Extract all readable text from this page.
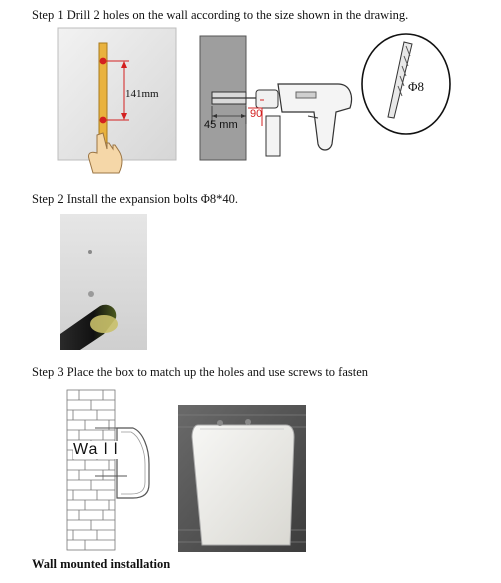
Step 1 Drill 2 holes on the wall according to the size shown in the drawing.
141mm
90
45 mm
Φ8
Step 2 Install the expansion bolts Φ8*40.
Step 3 Place the box to match up the holes and use screws to fasten
Wa l l
Wall mounted installation
